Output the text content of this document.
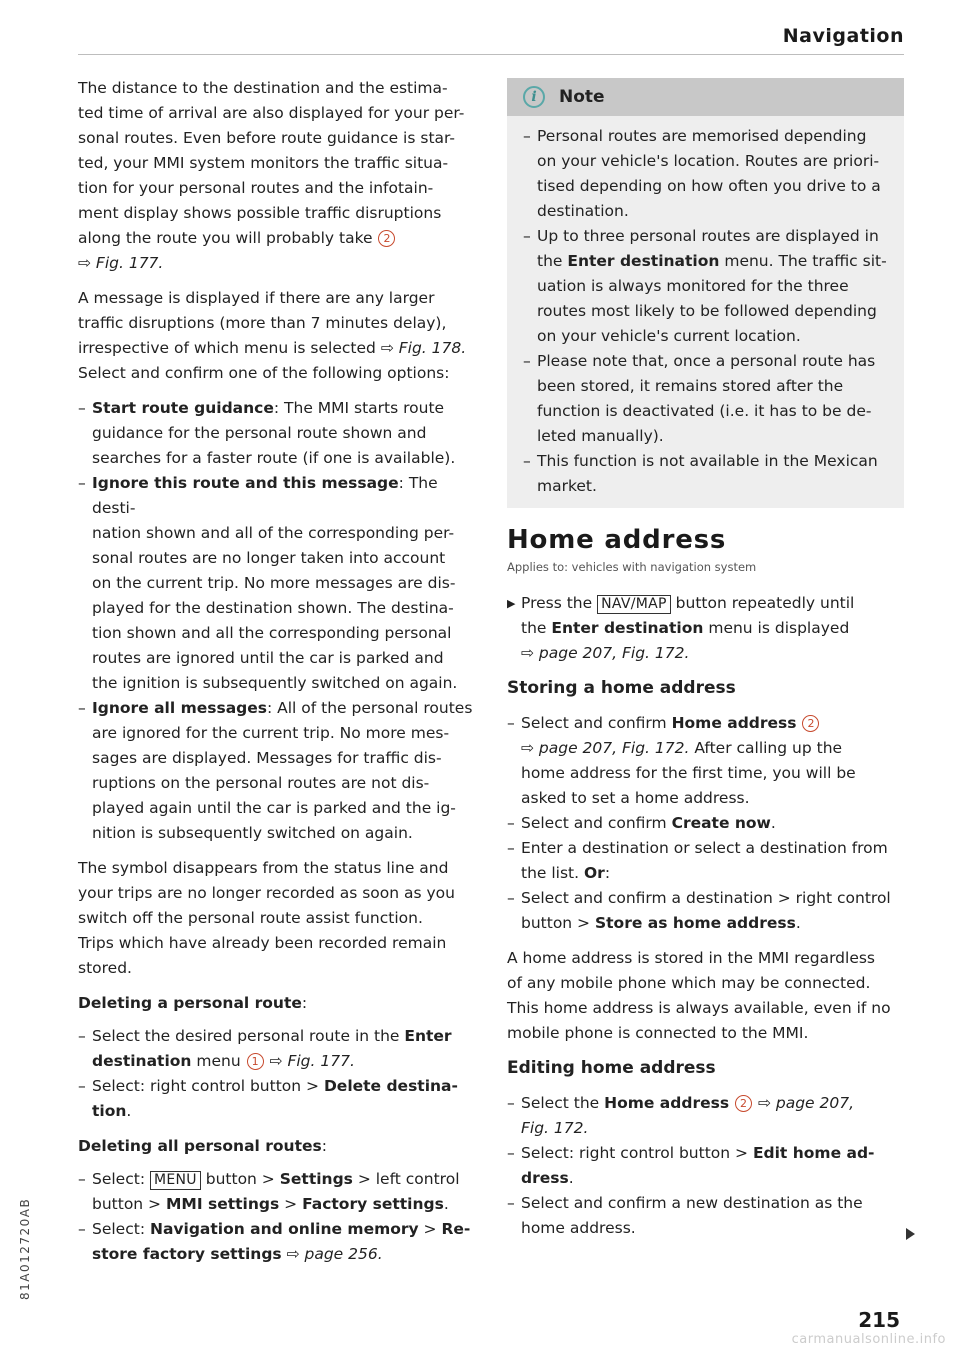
Navigation

The distance to the destination and the estima-
ted time of arrival are also displayed for your per-
sonal routes. Even before route guidance is star-
ted, your MMI system monitors the traffic situa-
tion for your personal routes and the infotain-
ment display shows possible traffic disruptions
along the route you will probably take 2
⇨ Fig. 177.

A message is displayed if there are any larger
traffic disruptions (more than 7 minutes delay),
irrespective of which menu is selected ⇨ Fig. 178.
Select and confirm one of the following options:

– Start route guidance: The MMI starts route
guidance for the personal route shown and
searches for a faster route (if one is available).
– Ignore this route and this message: The desti-
nation shown and all of the corresponding per-
sonal routes are no longer taken into account
on the current trip. No more messages are dis-
played for the destination shown. The destina-
tion shown and all the corresponding personal
routes are ignored until the car is parked and
the ignition is subsequently switched on again.
– Ignore all messages: All of the personal routes
are ignored for the current trip. No more mes-
sages are displayed. Messages for traffic dis-
ruptions on the personal routes are not dis-
played again until the car is parked and the ig-
nition is subsequently switched on again.

The symbol disappears from the status line and
your trips are no longer recorded as soon as you
switch off the personal route assist function.
Trips which have already been recorded remain
stored.

Deleting a personal route:
– Select the desired personal route in the Enter
destination menu 1 ⇨ Fig. 177.
– Select: right control button > Delete destina-
tion.
Deleting all personal routes:
– Select: MENU button > Settings > left control
button > MMI settings > Factory settings.
– Select: Navigation and online memory > Re-
store factory settings ⇨ page 256.
i	Note
– Personal routes are memorised depending
on your vehicle's location. Routes are priori-
tised depending on how often you drive to a
destination.
– Up to three personal routes are displayed in
the Enter destination menu. The traffic sit-
uation is always monitored for the three
routes most likely to be followed depending
on your vehicle's current location.
– Please note that, once a personal route has
been stored, it remains stored after the
function is deactivated (i.e. it has to be de-
leted manually).
– This function is not available in the Mexican
market.
Home address
Applies to: vehicles with navigation system
▶ Press the NAV/MAP button repeatedly until
the Enter destination menu is displayed
⇨ page 207, Fig. 172.
Storing a home address
– Select and confirm Home address 2
⇨ page 207, Fig. 172. After calling up the
home address for the first time, you will be
asked to set a home address.
– Select and confirm Create now.
– Enter a destination or select a destination from
the list. Or:
– Select and confirm a destination > right control
button > Store as home address.

A home address is stored in the MMI regardless
of any mobile phone which may be connected.
This home address is always available, even if no
mobile phone is connected to the MMI.

Editing home address
– Select the Home address 2 ⇨ page 207,
Fig. 172.
– Select: right control button > Edit home ad-
dress.
– Select and confirm a new destination as the
home address.
81A012720AB
215
carmanualsonline.info
